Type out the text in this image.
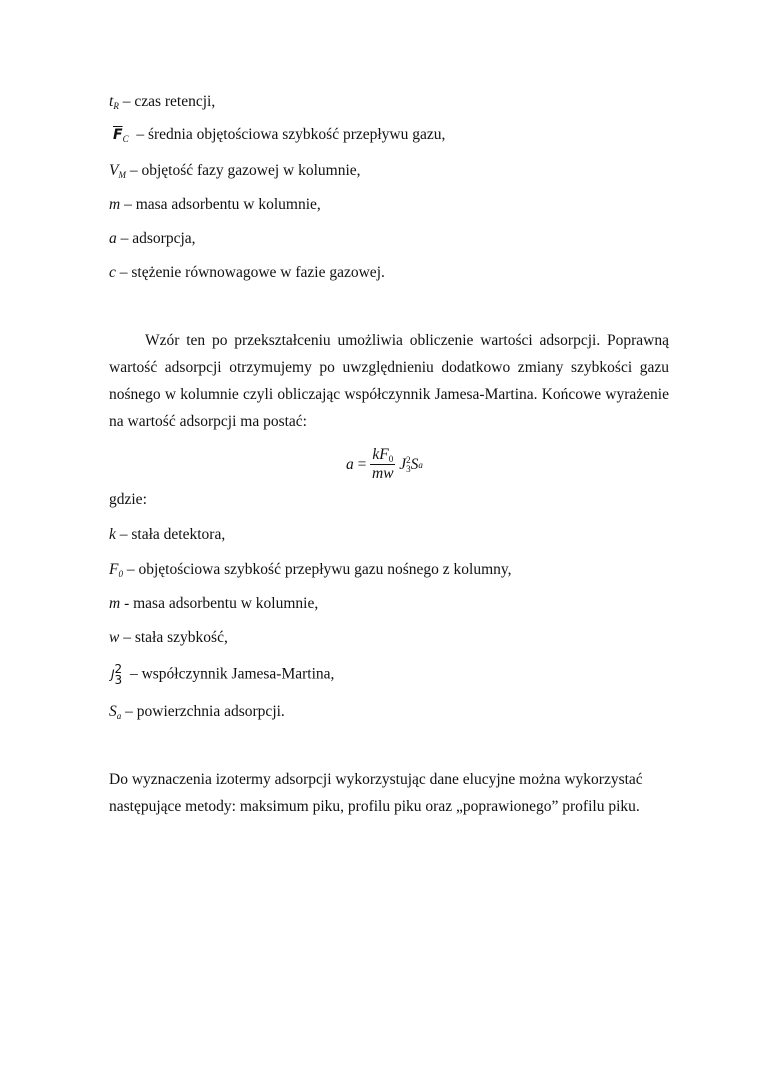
$t_R$ – czas retencji,
$\overline{F}_C$  – średnia objętościowa szybkość przepływu gazu,
$V_M$ – objętość fazy gazowej w kolumnie,
m – masa adsorbentu w kolumnie,
a – adsorpcja,
c – stężenie równowagowe w fazie gazowej.
Wzór ten po przekształceniu umożliwia obliczenie wartości adsorpcji. Poprawną wartość adsorpcji otrzymujemy po uwzględnieniu dodatkowo zmiany szybkości gazu nośnego w kolumnie czyli obliczając współczynnik Jamesa-Martina. Końcowe wyrażenie na wartość adsorpcji ma postać:
a
= $\frac{kF_0}{mw}$ J 2
3 S a
gdzie:
k – stała detektora,
$F_0$ – objętościowa szybkość przepływu gazu nośnego z kolumny,
m - masa adsorbentu w kolumnie,
w – stała szybkość,
J 2
3 – współczynnik Jamesa-Martina,
$S_a$ – powierzchnia adsorpcji.
Do wyznaczenia izotermy adsorpcji wykorzystując dane elucyjne można wykorzystać następujące metody: maksimum piku, profilu piku oraz „poprawionego” profilu piku.
